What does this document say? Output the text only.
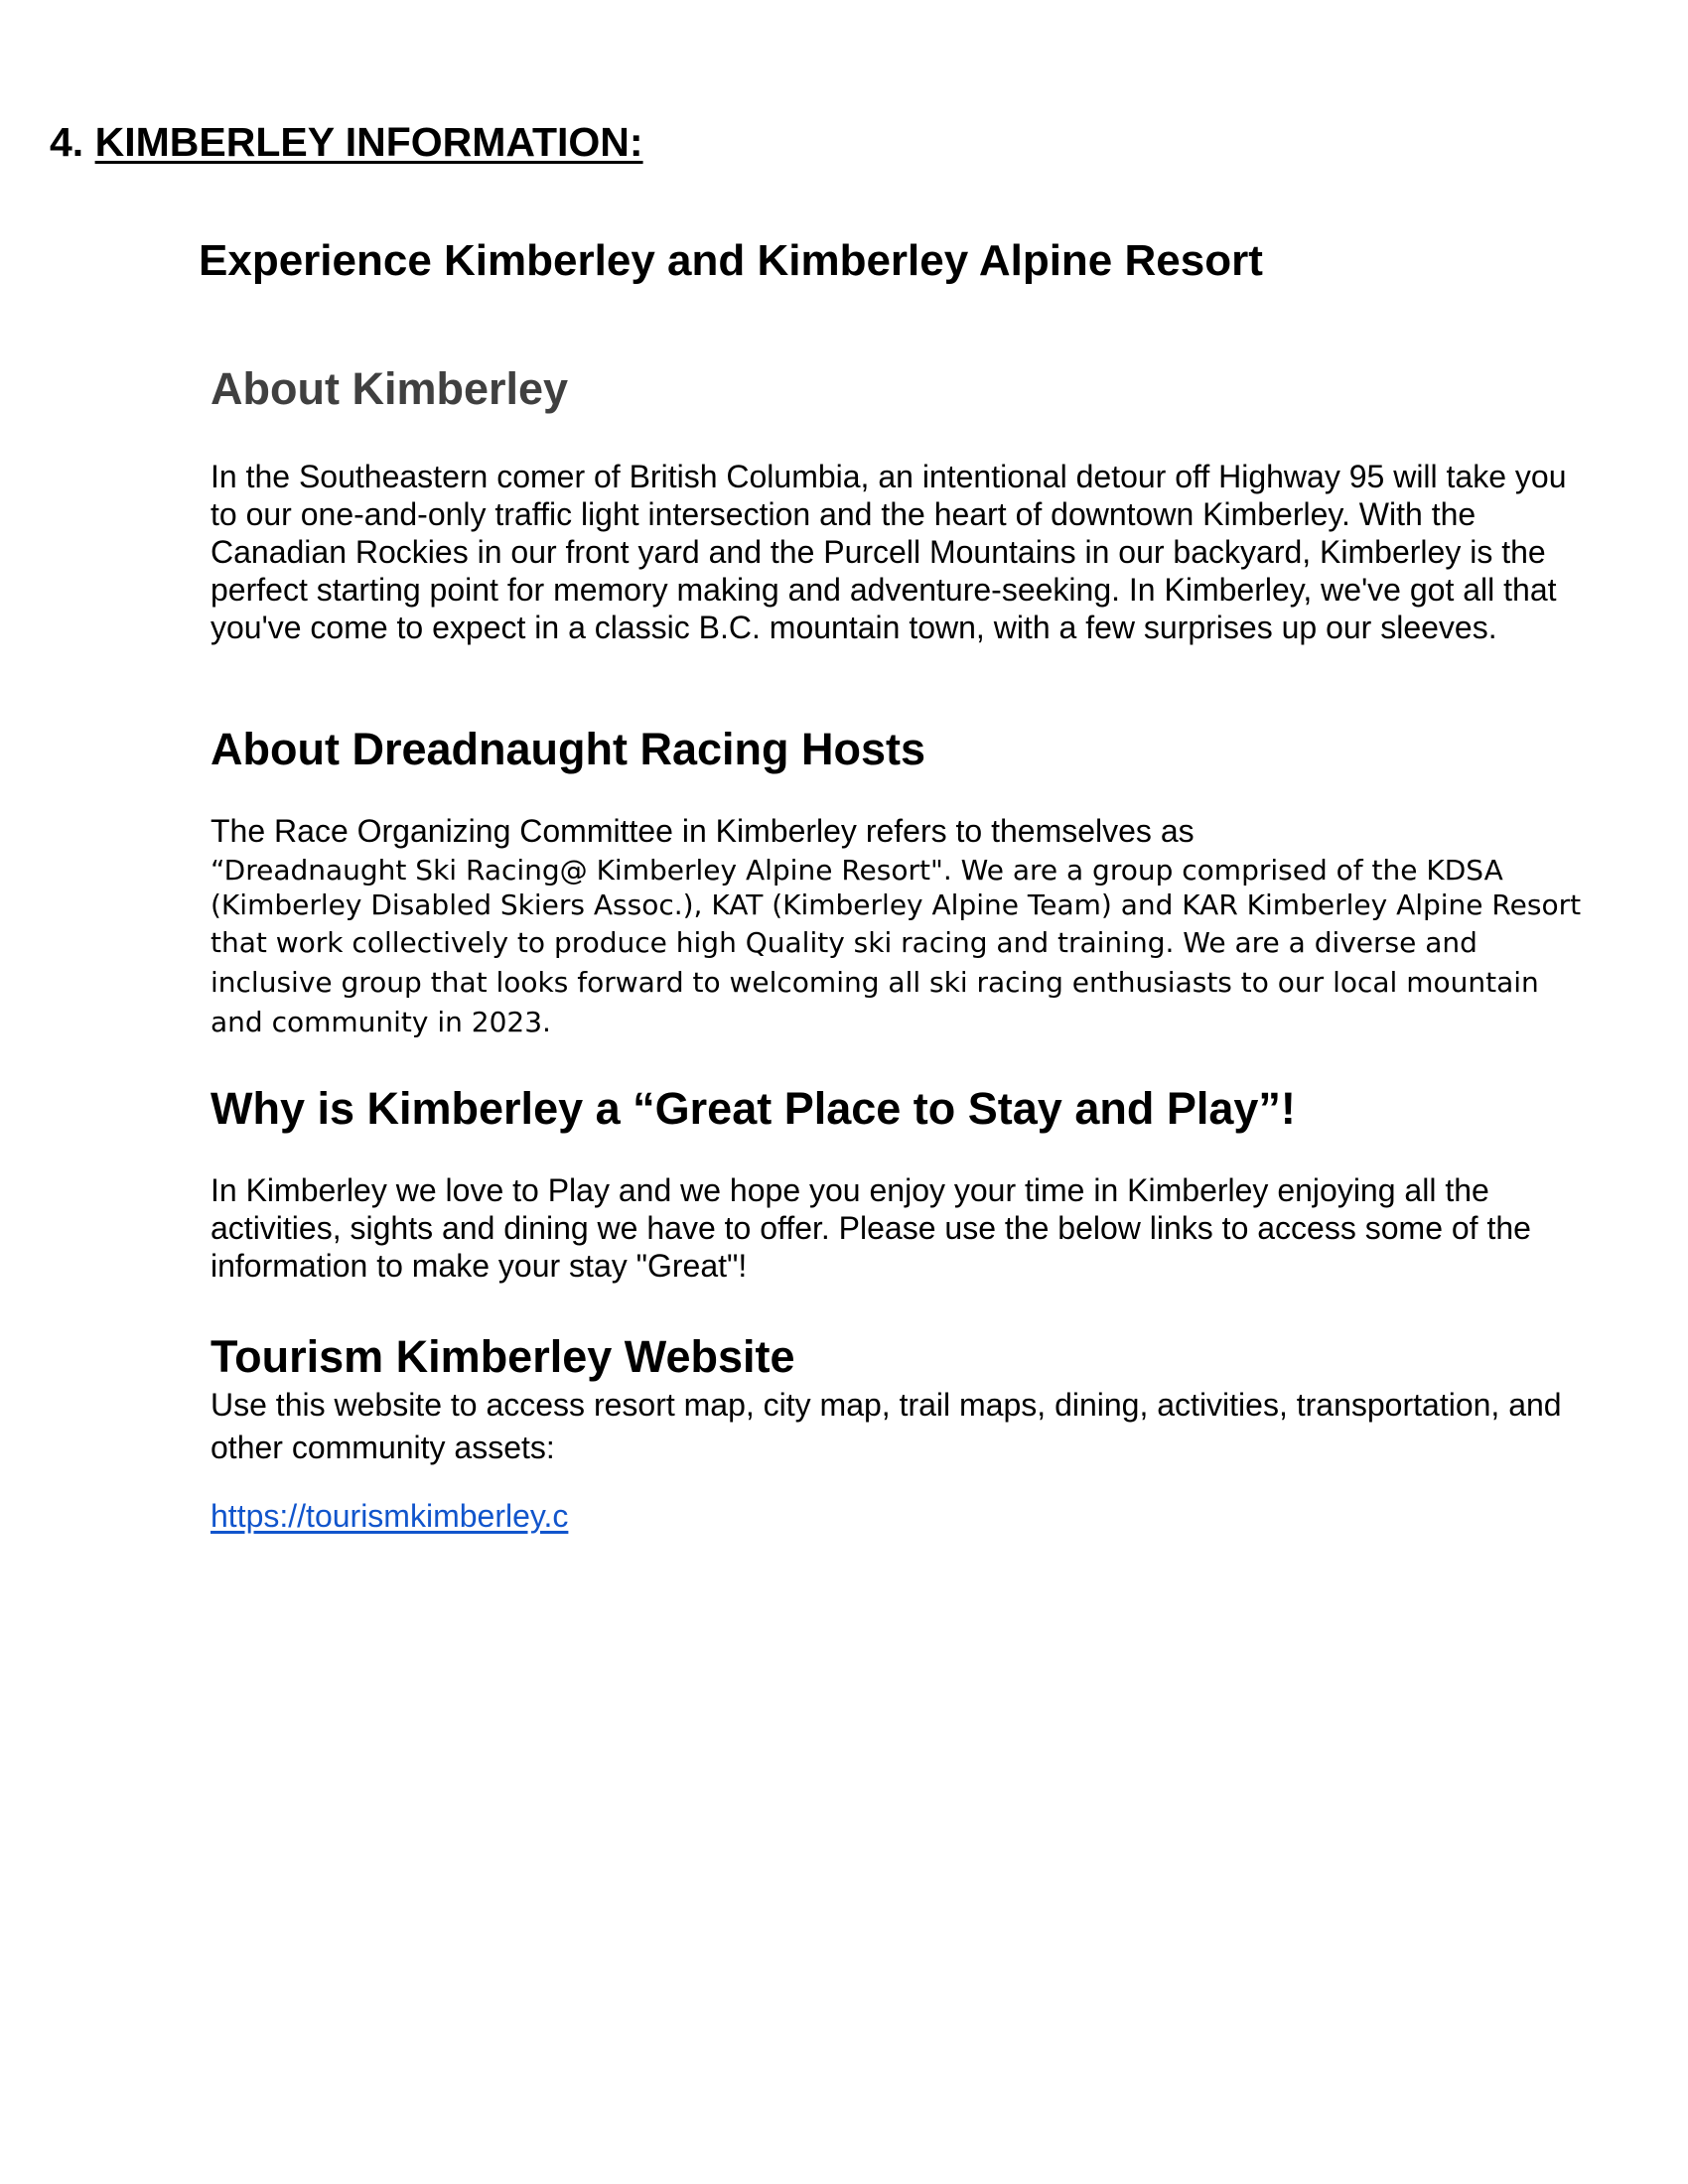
4. KIMBERLEY INFORMATION:
Experience Kimberley and Kimberley Alpine Resort
About Kimberley

In the Southeastern comer of British Columbia, an intentional detour off Highway 95 will take you to our one-and-only traffic light intersection and the heart of downtown Kimberley. With the Canadian Rockies in our front yard and the Purcell Mountains in our backyard, Kimberley is the perfect starting point for memory making and adventure-seeking. In Kimberley, we've got all that you've come to expect in a classic B.C. mountain town, with a few surprises up our sleeves.

About Dreadnaught Racing Hosts

The Race Organizing Committee in Kimberley refers to themselves as

“Dreadnaught Ski Racing@ Kimberley Alpine Resort". We are a group comprised of the KDSA
(Kimberley Disabled Skiers Assoc.), KAT (Kimberley Alpine Team) and KAR Kimberley Alpine Resort
that work collectively to produce high Quality ski racing and training. We are a diverse and
inclusive group that looks forward to welcoming all ski racing enthusiasts to our local mountain
and community in 2023.
Why is Kimberley a “Great Place to Stay and Play”!

In Kimberley we love to Play and we hope you enjoy your time in Kimberley enjoying all the activities, sights and dining we have to offer. Please use the below links to access some of the information to make your stay "Great"!

Tourism Kimberley Website

Use this website to access resort map, city map, trail maps, dining, activities, transportation, and other community assets:

https://tourismkimberley.c
